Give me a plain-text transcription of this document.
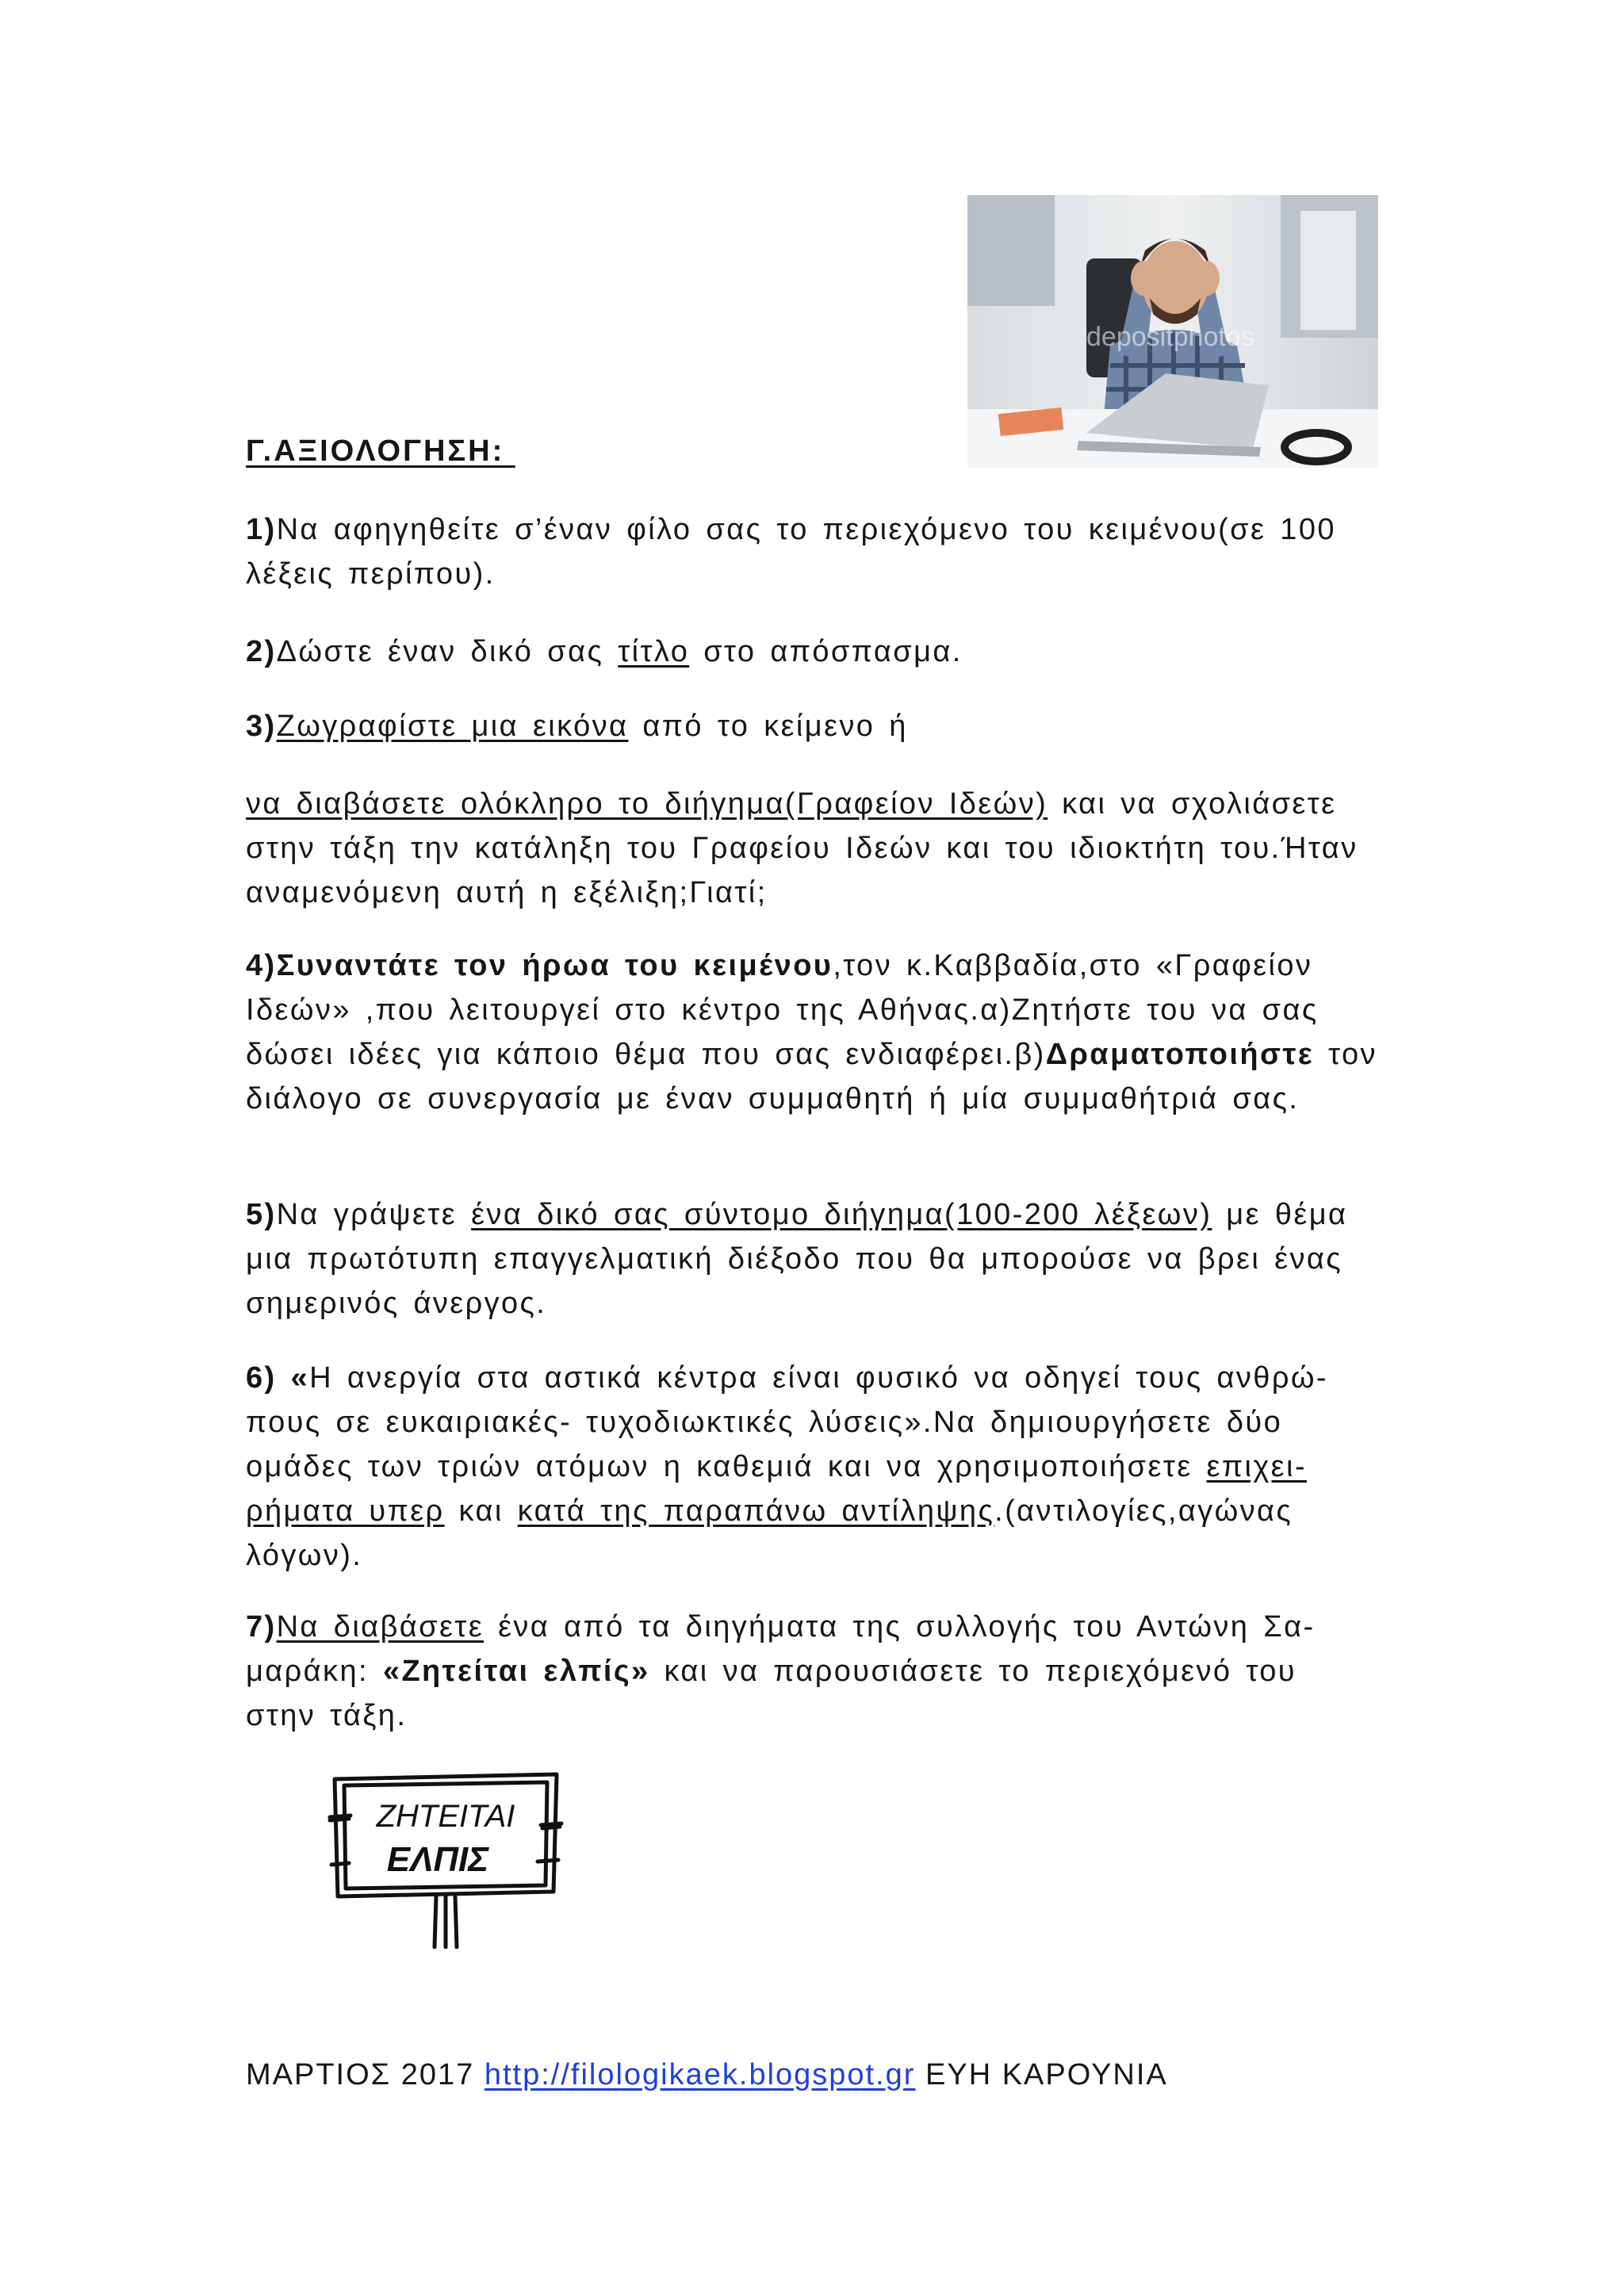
depositphotos
Γ.ΑΞΙΟΛΟΓΗΣΗ:
1)Να αφηγηθείτε σ’έναν φίλο σας το περιεχόμενο του κειμένου(σε 100 λέξεις περίπου).
2)Δώστε έναν δικό σας τίτλο στο απόσπασμα.
3)Ζωγραφίστε μια εικόνα από το κείμενο ή
να διαβάσετε ολόκληρο το διήγημα(Γραφείον Ιδεών) και να σχολιάσετε στην τάξη την κατάληξη του Γραφείου Ιδεών και του ιδιοκτήτη του.Ήταν αναμενόμενη αυτή η εξέλιξη;Γιατί;
4)Συναντάτε τον ήρωα του κειμένου,τον κ.Καββαδία,στο «Γραφείον Ιδεών» ,που λειτουργεί στο κέντρο της Αθήνας.α)Ζητήστε του να σας δώσει ιδέες για κάποιο θέμα που σας ενδιαφέρει.β)Δραματοποιήστε τον διάλογο σε συνεργασία με έναν συμμαθητή ή μία συμμαθήτριά σας.
5)Να γράψετε ένα δικό σας σύντομο διήγημα(100-200 λέξεων) με θέμα μια πρωτότυπη επαγγελματική διέξοδο που θα μπορούσε να βρει ένας σημερινός άνεργος.
6) «Η ανεργία στα αστικά κέντρα είναι φυσικό να οδηγεί τους ανθρώ-πους σε ευκαιριακές- τυχοδιωκτικές λύσεις».Να δημιουργήσετε δύο ομάδες των τριών ατόμων η καθεμιά και να χρησιμοποιήσετε επιχει-ρήματα υπερ και κατά της παραπάνω αντίληψης.(αντιλογίες,αγώνας λόγων).
7)Να διαβάσετε ένα από τα διηγήματα της συλλογής του Αντώνη Σα-μαράκη: «Ζητείται ελπίς» και να παρουσιάσετε το περιεχόμενό του στην τάξη.
ΖΗΤΕΙΤΑΙ
ΕΛΠΙΣ
ΜΑΡΤΙΟΣ 2017 http://filologikaek.blogspot.gr ΕΥΗ ΚΑΡΟΥΝΙΑ
